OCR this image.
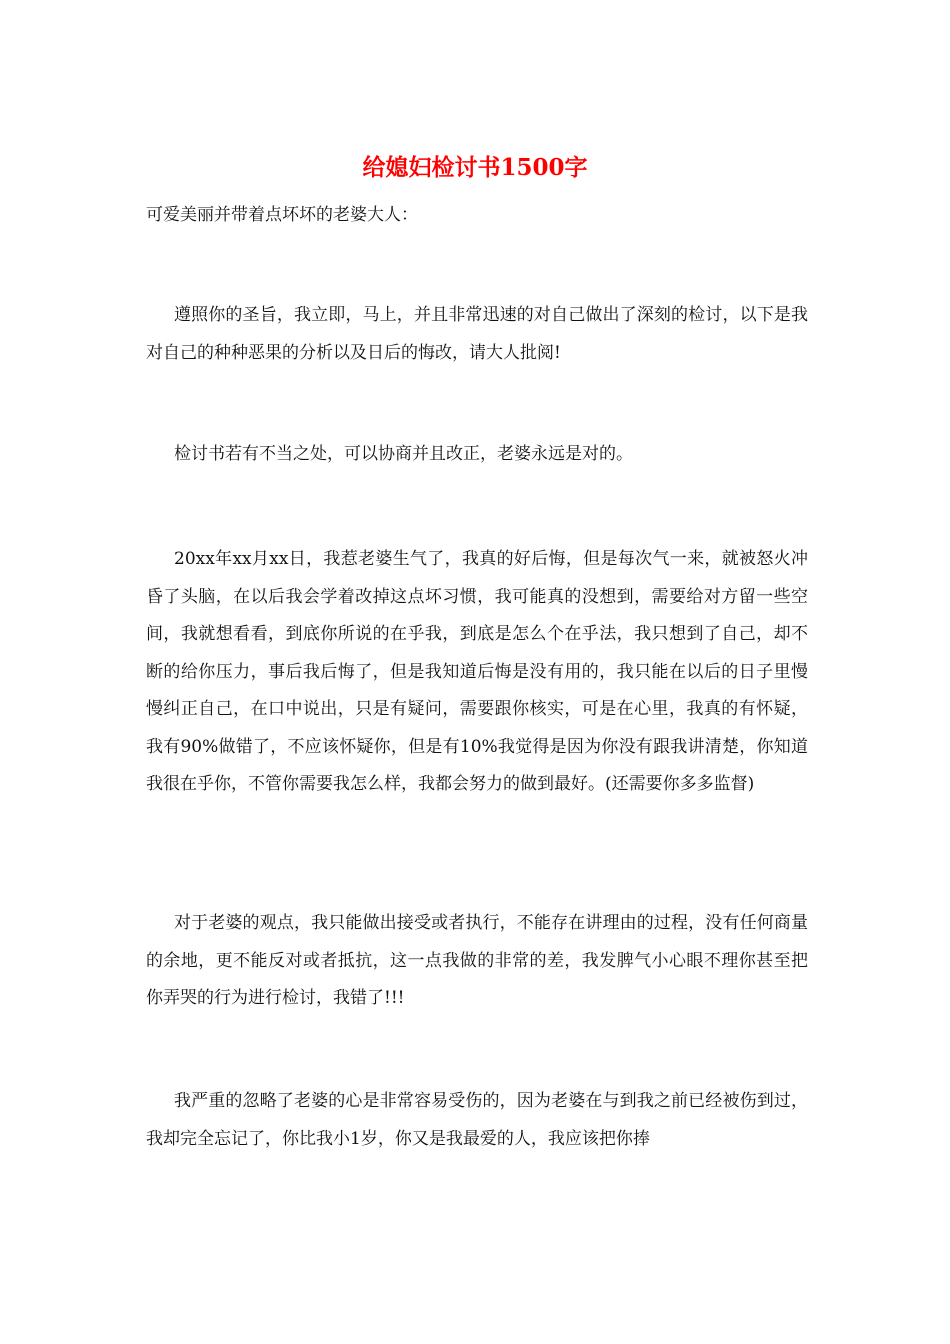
给媳妇检讨书1500字

可爱美丽并带着点坏坏的老婆大人：

遵照你的圣旨，我立即，马上，并且非常迅速的对自己做出了深刻的检讨，以下是我对自己的种种恶果的分析以及日后的悔改，请大人批阅!

检讨书若有不当之处，可以协商并且改正，老婆永远是对的。

20xx年xx月xx日，我惹老婆生气了，我真的好后悔，但是每次气一来，就被怒火冲昏了头脑，在以后我会学着改掉这点坏习惯，我可能真的没想到，需要给对方留一些空间，我就想看看，到底你所说的在乎我，到底是怎么个在乎法，我只想到了自己，却不断的给你压力，事后我后悔了，但是我知道后悔是没有用的，我只能在以后的日子里慢慢纠正自己，在口中说出，只是有疑问，需要跟你核实，可是在心里，我真的有怀疑，我有90%做错了，不应该怀疑你，但是有10%我觉得是因为你没有跟我讲清楚，你知道我很在乎你，不管你需要我怎么样，我都会努力的做到最好。(还需要你多多监督)

对于老婆的观点，我只能做出接受或者执行，不能存在讲理由的过程，没有任何商量的余地，更不能反对或者抵抗，这一点我做的非常的差，我发脾气小心眼不理你甚至把你弄哭的行为进行检讨，我错了!!!

我严重的忽略了老婆的心是非常容易受伤的，因为老婆在与到我之前已经被伤到过，我却完全忘记了，你比我小1岁，你又是我最爱的人，我应该把你捧
